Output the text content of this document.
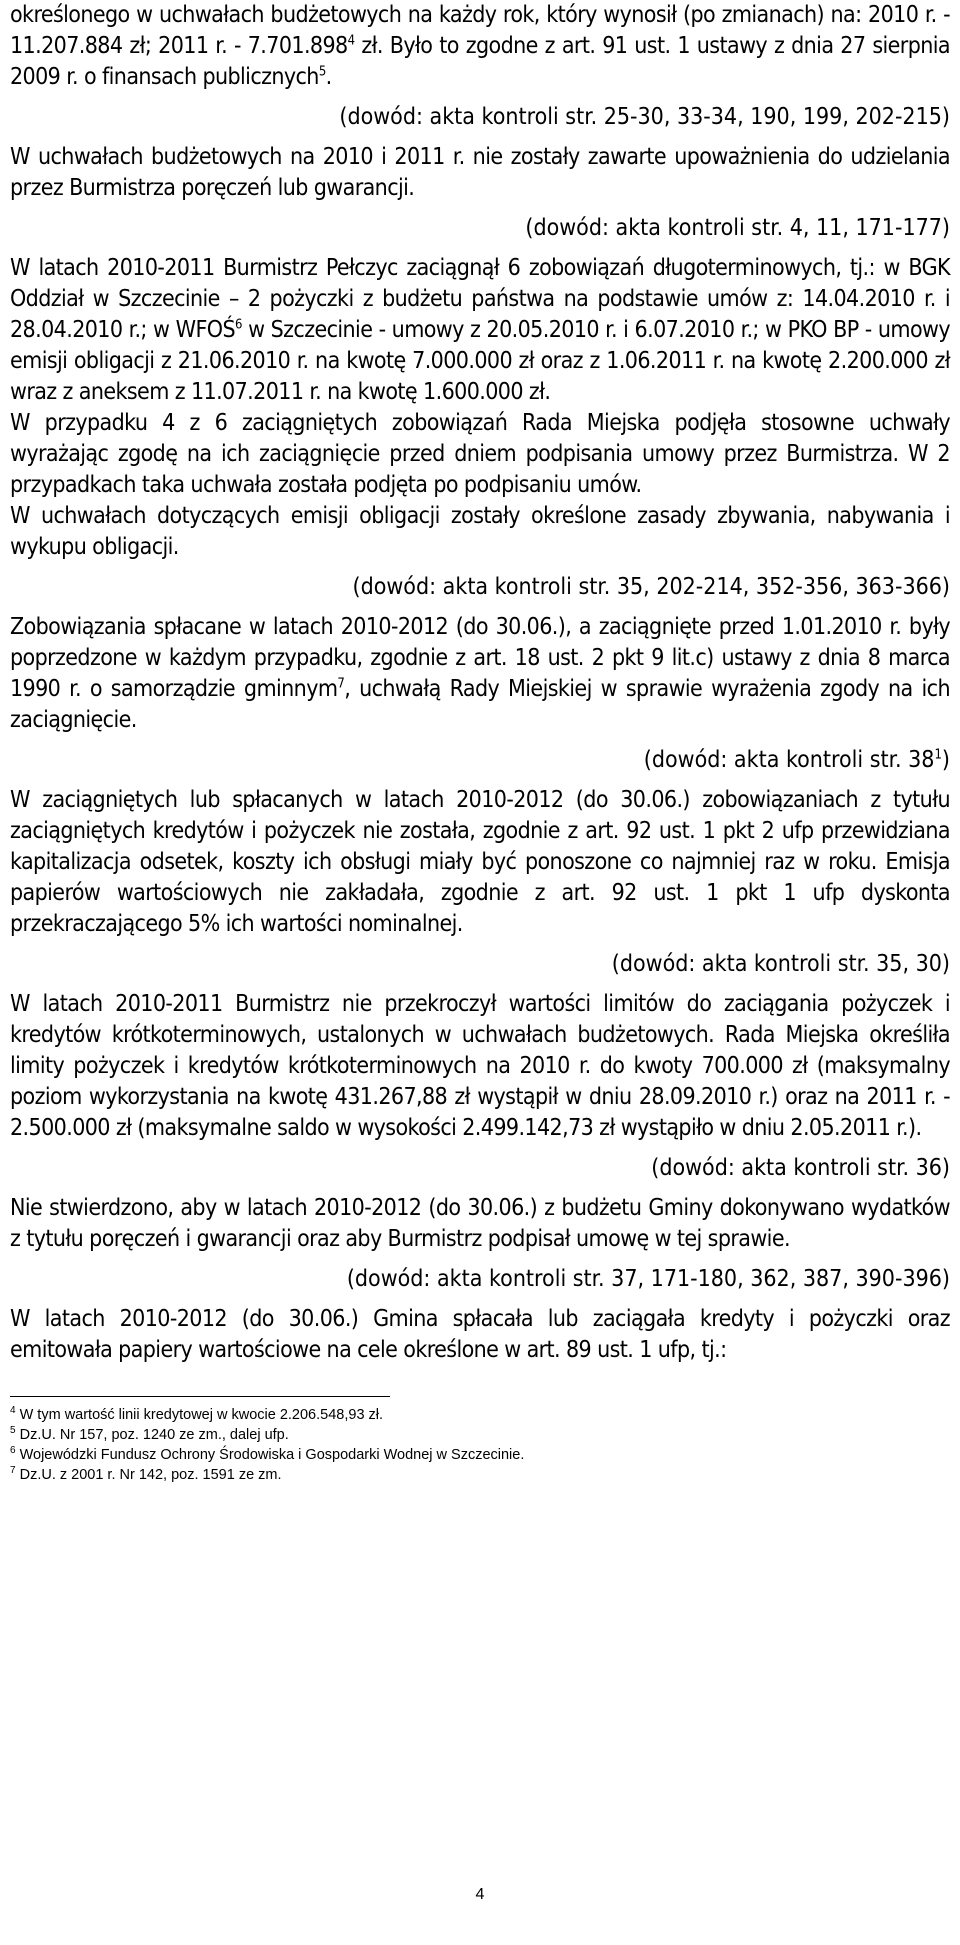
określonego w uchwałach budżetowych na każdy rok, który wynosił (po zmianach) na: 2010 r. - 11.207.884 zł; 2011 r. - 7.701.898$^4$ zł. Było to zgodne z art. 91 ust. 1 ustawy z dnia 27 sierpnia 2009 r. o finansach publicznych$^5$.

(dowód: akta kontroli str. 25-30, 33-34, 190, 199, 202-215)

W uchwałach budżetowych na 2010 i 2011 r. nie zostały zawarte upoważnienia do udzielania przez Burmistrza poręczeń lub gwarancji.

(dowód: akta kontroli str. 4, 11, 171-177)

W latach 2010-2011 Burmistrz Pełczyc zaciągnął 6 zobowiązań długoterminowych, tj.: w BGK Oddział w Szczecinie – 2 pożyczki z budżetu państwa na podstawie umów z: 14.04.2010 r. i 28.04.2010 r.; w WFOŚ$^6$ w Szczecinie - umowy z 20.05.2010 r. i 6.07.2010 r.; w PKO BP - umowy emisji obligacji z 21.06.2010 r. na kwotę 7.000.000 zł oraz z 1.06.2011 r. na kwotę 2.200.000 zł wraz z aneksem z 11.07.2011 r. na kwotę 1.600.000 zł.

W przypadku 4 z 6 zaciągniętych zobowiązań Rada Miejska podjęła stosowne uchwały wyrażając zgodę na ich zaciągnięcie przed dniem podpisania umowy przez Burmistrza. W 2 przypadkach taka uchwała została podjęta po podpisaniu umów.

W uchwałach dotyczących emisji obligacji zostały określone zasady zbywania, nabywania i wykupu obligacji.

(dowód: akta kontroli str. 35, 202-214, 352-356, 363-366)

Zobowiązania spłacane w latach 2010-2012 (do 30.06.), a zaciągnięte przed 1.01.2010 r. były poprzedzone w każdym przypadku, zgodnie z art. 18 ust. 2 pkt 9 lit.c) ustawy z dnia 8 marca 1990 r. o samorządzie gminnym$^7$, uchwałą Rady Miejskiej w sprawie wyrażenia zgody na ich zaciągnięcie.

(dowód: akta kontroli str. $38^1$)

W zaciągniętych lub spłacanych w latach 2010-2012 (do 30.06.) zobowiązaniach z tytułu zaciągniętych kredytów i pożyczek nie została, zgodnie z art. 92 ust. 1 pkt 2 ufp przewidziana kapitalizacja odsetek, koszty ich obsługi miały być ponoszone co najmniej raz w roku. Emisja papierów wartościowych nie zakładała, zgodnie z art. 92 ust. 1 pkt 1 ufp dyskonta przekraczającego 5% ich wartości nominalnej.

(dowód: akta kontroli str. 35, 30)

W latach 2010-2011 Burmistrz nie przekroczył wartości limitów do zaciągania pożyczek i kredytów krótkoterminowych, ustalonych w uchwałach budżetowych. Rada Miejska określiła limity pożyczek i kredytów krótkoterminowych na 2010 r. do kwoty 700.000 zł (maksymalny poziom wykorzystania na kwotę 431.267,88 zł wystąpił w dniu 28.09.2010 r.) oraz na 2011 r. - 2.500.000 zł (maksymalne saldo w wysokości 2.499.142,73 zł wystąpiło w dniu 2.05.2011 r.).

(dowód: akta kontroli str. 36)

Nie stwierdzono, aby w latach 2010-2012 (do 30.06.) z budżetu Gminy dokonywano wydatków z tytułu poręczeń i gwarancji oraz aby Burmistrz podpisał umowę w tej sprawie.

(dowód: akta kontroli str. 37, 171-180, 362, 387, 390-396)

W latach 2010-2012 (do 30.06.) Gmina spłacała lub zaciągała kredyty i pożyczki oraz emitowała papiery wartościowe na cele określone w art. 89 ust. 1 ufp, tj.:

$^4$ W tym wartość linii kredytowej w kwocie 2.206.548,93 zł.
$^5$ Dz.U. Nr 157, poz. 1240 ze zm., dalej ufp.
$^6$ Wojewódzki Fundusz Ochrony Środowiska i Gospodarki Wodnej w Szczecinie.
$^7$ Dz.U. z 2001 r. Nr 142, poz. 1591 ze zm.
4
